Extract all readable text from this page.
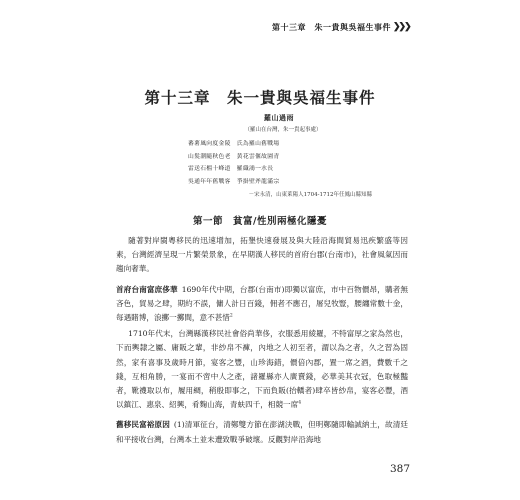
第十三章　朱一貴與吳福生事件 ❯
❯
❯
第十三章　朱一貴與吳福生事件
羅山過雨
（羅山在台灣，朱一貴起事處）
蕃薯風向度金陵　氏為羅山舊戰場
山髮潮隨秋色老　黃花雲偃故園青
雷送石榴十峰道　羅織鴻一水長
吳通年年舊戰客　爭掛壁斧龍滿宗
－宋永清，山東萊陽人1704-1712年任鳳山縣知縣
第一節　貧富/性別兩極化隱憂

隨著對岸閩粵移民的迅速增加，拓墾快速發展及與大陸沿海間貿易迅疾繁盛等因素，台灣經濟呈現一片繁榮景象，在早期漢人移民的首府台郡(台南市)，社會風氣因而趨向奢華。

首府台南富庶侈華 1690年代中期，台郡(台南市)即獨以富庶，市中百物價昂，購者無吝色，貿易之肆，期約不誤，傭人計日百錢，佣者不應召，屠兒牧豎，腰纏常數十金，每遇賭博，浪擲一擲間，意不甚惜$^2$

1710年代末，台灣縣漢移民社會俗尚華侈，衣服悉用綾羅，不特富厚之家為然也，下而輿隸之屬、庸販之輩，非紗帛不褲，內地之人初至者，謂以為之者，久之習為固然，家有喜事及歲時月節，宴客之豐，山珍海錯，價倍內郡，置一席之酒，費數千之錢，互相角勝，一宴而不啻中人之產，諸羅縣亦人廣賣錢，必華美其衣冠，色取極豔者，靴襪取以布，履用綢，稍殷即事之，下而負販(抬轎者)肆卒皆紗帛，宴客必豐，酒以鎮江、惠泉、紹興，肴麴山海，青蚨四千，相競一席$^4$

舊移民富裕原因 (1)清軍征台，清鄭雙方節在澎湖決戰，但明鄭隨即輸誠納土，故清廷和平接收台灣，台灣本土並未遭致戰爭破壞。反觀對岸沿海地

387
